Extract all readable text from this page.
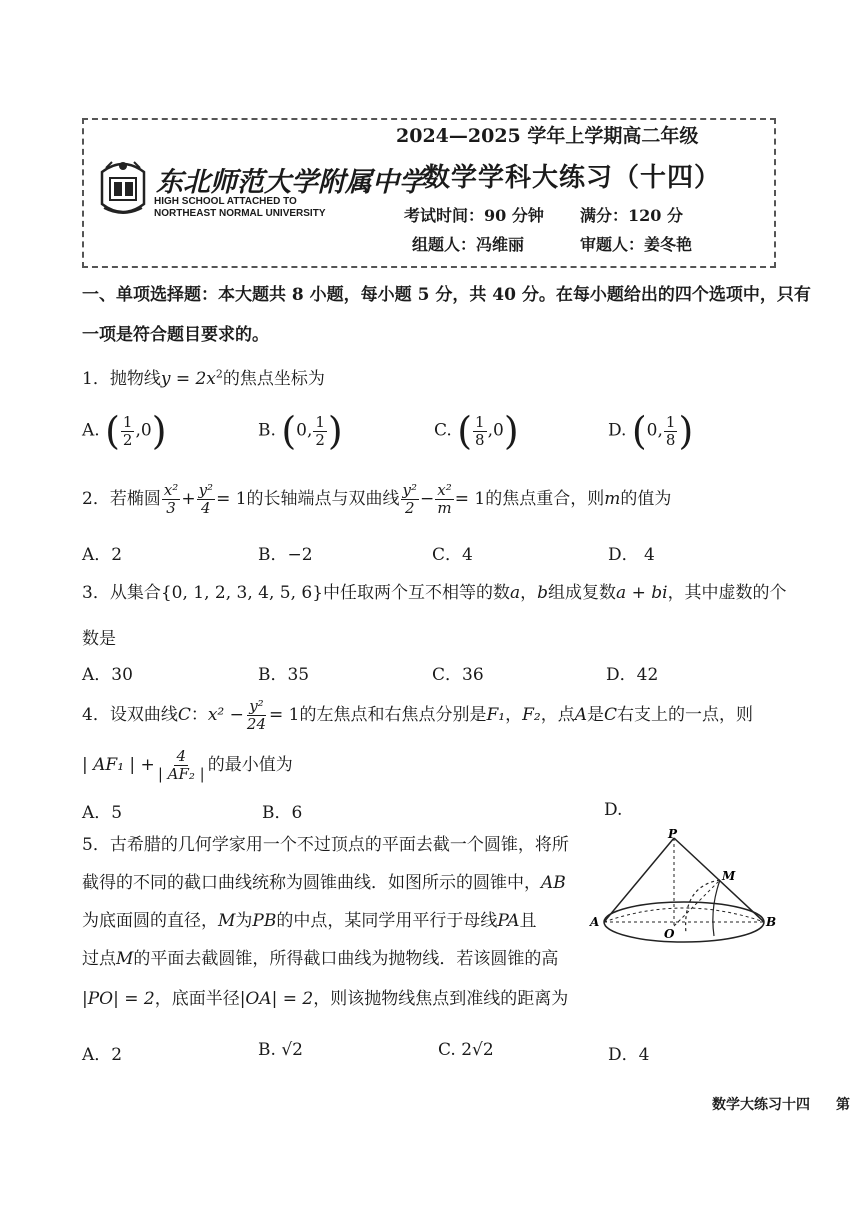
东北师范大学附属中学
HIGH SCHOOL ATTACHED TO
NORTHEAST NORMAL UNIVERSITY
2024—2025 学年上学期高二年级
数学学科大练习（十四）
考试时间：90 分钟 满分：120 分
组题人：冯维丽	审题人：姜冬艳
一、单项选择题：本大题共 8 小题，每小题 5 分，共 40 分。在每小题给出的四个选项中，只有
一项是符合题目要求的。
1．抛物线$y = 2x^2$的焦点坐标为
A. ( $\frac{1}{2} ,0$)	B. (0, $\frac{1}{2}$ )	C. ( $\frac{1}{8} ,0$)	D. (0, $\frac{1}{8}$ )
2．若椭圆 $\frac{\text{x²}}{3} + \frac{\text{y²}}{4} = 1$的长轴端点与双曲线 $\frac{\text{y²}}{2} - \frac{\text{x²}}{m} = 1$的焦点重合，则m的值为
A．2	B．−2	C．4	D． 4
3．从集合{0, 1, 2, 3, 4, 5, 6}中任取两个互不相等的数a，b组成复数a + bi，其中虚数的个
数是
A．30	B．35	C．36	D．42
4．设双曲线C：$x^2 - \frac{\text{y²}}{24} = 1$的左焦点和右焦点分别是F₁，F₂，点A是C右支上的一点，则
| AF₁ | + $\frac{4}{\text{| AF₂ |}}$ 的最小值为
A．5	B．6	D.
5．古希腊的几何学家用一个不过顶点的平面去截一个圆锥，将所
截得的不同的截口曲线统称为圆锥曲线．如图所示的圆锥中，AB
为底面圆的直径，M为PB的中点，某同学用平行于母线PA且
过点M的平面去截圆锥，所得截口曲线为抛物线．若该圆锥的高
|PO| = 2，底面半径|OA| = 2，则该抛物线焦点到准线的距离为
P
M
A
O
B
A．2	B. √2	C. 2√2	D．4
数学大练习十四 第
